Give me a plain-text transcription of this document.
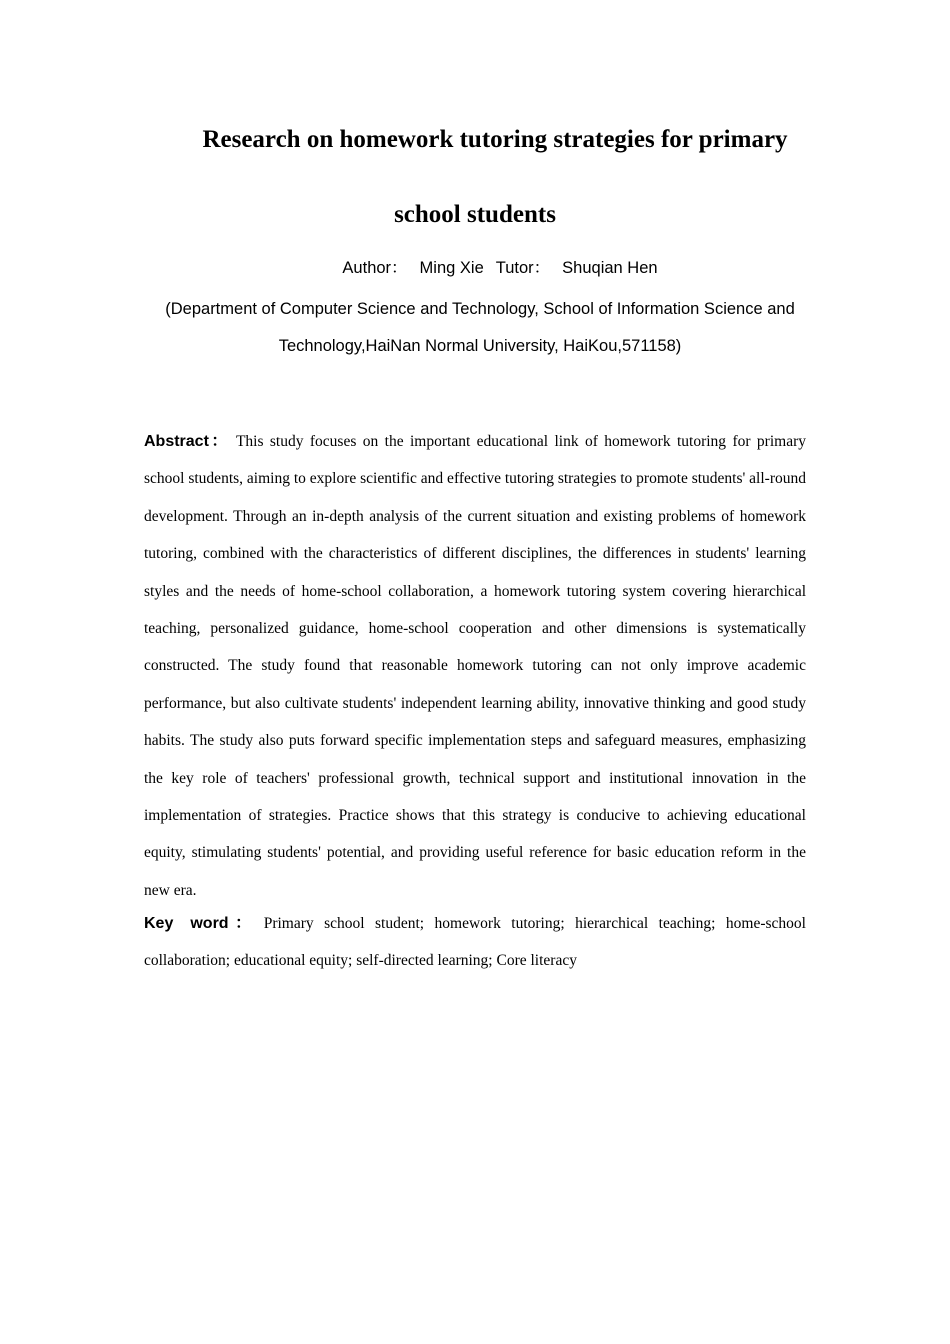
Research on homework tutoring strategies for primary
school students
Author： Ming Xie Tutor： Shuqian Hen
(Department of Computer Science and Technology, School of Information Science and Technology,HaiNan Normal University, HaiKou,571158)

Abstract： This study focuses on the important educational link of homework tutoring for primary school students, aiming to explore scientific and effective tutoring strategies to promote students' all-round development. Through an in-depth analysis of the current situation and existing problems of homework tutoring, combined with the characteristics of different disciplines, the differences in students' learning styles and the needs of home-school collaboration, a homework tutoring system covering hierarchical teaching, personalized guidance, home-school cooperation and other dimensions is systematically constructed. The study found that reasonable homework tutoring can not only improve academic performance, but also cultivate students' independent learning ability, innovative thinking and good study habits. The study also puts forward specific implementation steps and safeguard measures, emphasizing the key role of teachers' professional growth, technical support and institutional innovation in the implementation of strategies. Practice shows that this strategy is conducive to achieving educational equity, stimulating students' potential, and providing useful reference for basic education reform in the new era.

Key word： Primary school student; homework tutoring; hierarchical teaching; home-school collaboration; educational equity; self-directed learning; Core literacy
